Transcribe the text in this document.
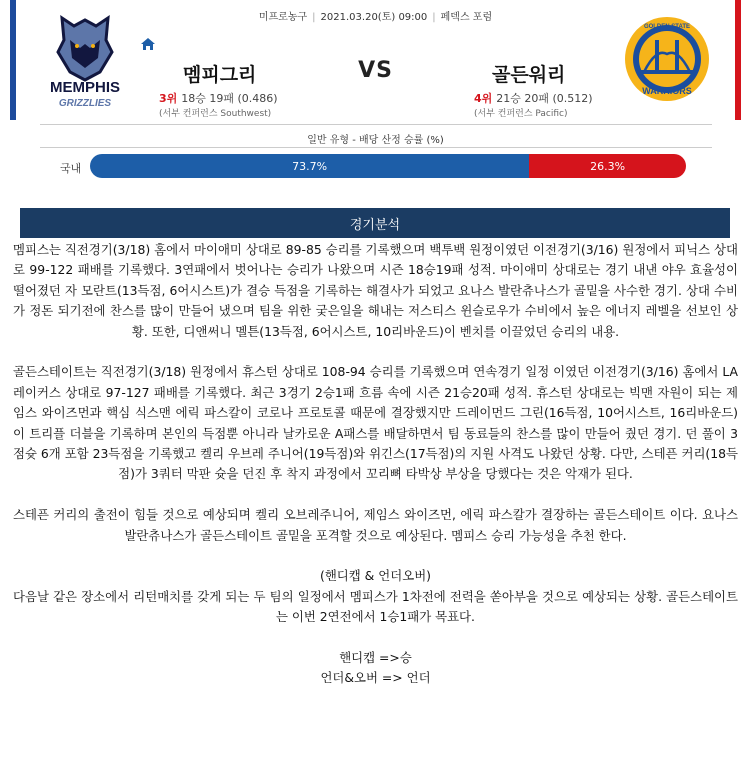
미프로농구 | 2021.03.20(토) 09:00 | 페덱스 포럼
MEMPHIS
GRIZZLIES
멤피그리	VS	골든워리
3위 18승 19패 (0.486)
(서부 컨퍼런스 Southwest)
4위 21승 20패 (0.512)
(서부 컨퍼런스 Pacific)
GOLDEN STATE
WARRIORS
일반 유형 - 배당 산정 승률 (%)
국내	73.7%	26.3%
경기분석

멤피스는 직전경기(3/18) 홈에서 마이애미 상대로 89-85 승리를 기록했으며 백투백 원정이였던 이전경기(3/16) 원정에서 피닉스 상대로 99-122 패배를 기록했다. 3연패에서 벗어나는 승리가 나왔으며 시즌 18승19패 성적. 마이애미 상대로는 경기 내낸 야우 효율성이 떨어졌던 자 모란트(13득점, 6어시스트)가 결승 득점을 기록하는 해결사가 되었고 요나스 발란츄나스가 골밑을 사수한 경기. 상대 수비가 정돈 되기전에 찬스를 많이 만들어 냈으며 팀을 위한 궂은일을 해내는 저스티스 윈슬로우가 수비에서 높은 에너지 레벨을 선보인 상황. 또한, 디앤써니 멜튼(13득점, 6어시스트, 10리바운드)이 벤치를 이끌었던 승리의 내용.

골든스테이트는 직전경기(3/18) 원정에서 휴스턴 상대로 108-94 승리를 기록했으며 연속경기 일정 이였던 이전경기(3/16) 홈에서 LA레이커스 상대로 97-127 패배를 기록했다. 최근 3경기 2승1패 흐름 속에 시즌 21승20패 성적. 휴스턴 상대로는 빅맨 자원이 되는 제임스 와이즈먼과 핵심 식스맨 에릭 파스칼이 코로나 프로토콜 때문에 결장했지만 드레이먼드 그린(16득점, 10어시스트, 16리바운드)이 트리플 더블을 기록하며 본인의 득점뿐 아니라 날카로운 A패스를 배달하면서 팀 동료들의 찬스를 많이 만들어 줬던 경기. 던 풀이 3점슛 6개 포함 23득점을 기록했고 켈리 우브레 주니어(19득점)와 위긴스(17득점)의 지원 사격도 나왔던 상황. 다만, 스테픈 커리(18득점)가 3쿼터 막판 슛을 던진 후 착지 과정에서 꼬리뼈 타박상 부상을 당했다는 것은 악재가 된다.

스테픈 커리의 출전이 힘들 것으로 예상되며 켈리 오브레주니어, 제임스 와이즈먼, 에릭 파스칼가 결장하는 골든스테이트 이다. 요나스 발란츄나스가 골든스테이트 골밑을 포격할 것으로 예상된다. 멤피스 승리 가능성을 추천 한다.

(핸디캡 & 언더오버)

다음날 같은 장소에서 리턴매치를 갖게 되는 두 팀의 일정에서 멤피스가 1차전에 전력을 쏟아부을 것으로 예상되는 상황. 골든스테이트는 이번 2연전에서 1승1패가 목표다.

핸디캡 =>승

언더&오버 => 언더
